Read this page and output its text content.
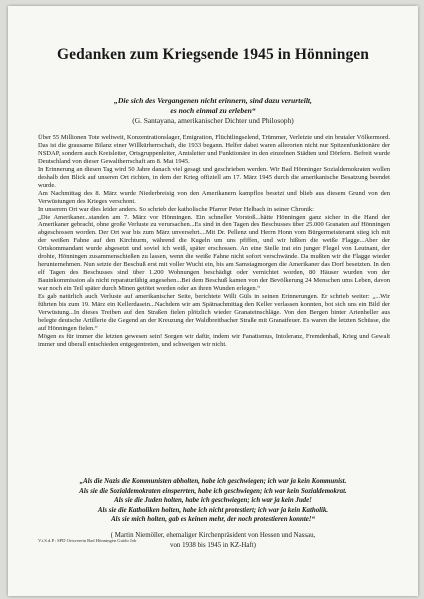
Gedanken zum Kriegsende 1945 in Hönningen
„Die sich des Vergangenen nicht erinnern, sind dazu verurteilt,
es noch einmal zu erleben“
(G. Santayana, amerikanischer Dichter und Philosoph)

Über 55 Millionen Tote weltweit, Konzentrationslager, Emigration, Flüchtlingselend, Trümmer, Verletzte und ein brutaler Völkermord. Das ist die grausame Bilanz einer Willkürherrschaft, die 1933 begann. Helfer dabei waren allerorten nicht nur Spitzenfunktionäre der NSDAP, sondern auch Kreisleiter, Ortsgruppenleiter, Amtsleiter und Funktionäre in den einzelnen Städten und Dörfern. Befreit wurde Deutschland von dieser Gewaltherrschaft am 8. Mai 1945.

In Erinnerung an diesen Tag wird 50 Jahre danach viel gesagt und geschrieben werden. Wir Bad Hönninger Sozialdemokraten wollen deshalb den Blick auf unseren Ort richten, in dem der Krieg offiziell am 17. März 1945 durch die amerikanische Besatzung beendet wurde.

Am Nachmittag des 8. März wurde Niederbreisig von den Amerikanern kampflos besetzt und blieb aus diesem Grund von den Verwüstungen des Krieges verschont.

In unserem Ort war dies leider anders. So schrieb der katholische Pfarrer Peter Helbach in seiner Chronik:

„Die Amerikaner...standen am 7. März vor Hönningen. Ein schneller Vorstoß...hätte Hönningen ganz sicher in die Hand der Amerikaner gebracht, ohne große Verluste zu verursachen...Es sind in den Tagen des Beschusses über 25.000 Granaten auf Hönningen abgeschossen worden. Der Ort war bis zum März unversehrt....Mit Dr. Pellenz und Herrn Honn vom Bürgermeisteramt stieg ich mit der weißen Fahne auf den Kirchturm, während die Kugeln um uns pfiffen, und wir hißten die weiße Flagge...Aber der Ortskommandant wurde abgesetzt und soviel ich weiß, später erschossen. An eine Stelle trat ein junger Flegel von Leutnant, der drohte, Hönningen zusammenschießen zu lassen, wenn die weiße Fahne nicht sofort verschwände. Da mußten wir die Flagge wieder herunternehmen. Nun setzte der Beschuß erst mit voller Wucht ein, bis am Samstagmorgen die Amerikaner das Dorf besetzten. In den elf Tagen des Beschusses sind über 1.200 Wohnungen beschädigt oder vernichtet worden, 80 Häuser wurden von der Bauinkommission als nicht reparaturfähig angesehen...Bei dem Beschuß kamen von der Bevölkerung 24 Menschen ums Leben, davon war noch ein Teil später durch Minen getötet worden oder an ihren Wunden erlegen.“

Es gab natürlich auch Verluste auf amerikanischer Seite, berichtete Willi Güls in seinen Erinnerungen. Er schrieb weiter: „...Wir führten bis zum 19. März ein Kellerdasein...Nachdem wir am Spätnachmittag den Keller verlassen konnten, bot sich uns ein Bild der Verwüstung...In dieses Treiben auf den Straßen fielen plötzlich wieder Granateinschläge. Von den Bergen hinter Arienheller aus belegte deutsche Artillerie die Gegend an der Kreuzung der Waldbreitbacher Straße mit Granatfeuer. Es waren die letzten Schüsse, die auf Hönningen fielen.“

Mögen es für immer die letzten gewesen sein! Sorgen wir dafür, indem wir Fanatismus, Intoleranz, Fremdenhaß, Krieg und Gewalt immer und überall entschieden entgegentreten, und schweigen wir nicht.

„Als die Nazis die Kommunisten abholten, habe ich geschwiegen; ich war ja kein Kommunist.

Als sie die Sozialdemokraten einsperrten, habe ich geschwiegen; ich war kein Sozialdemokrat.

Als sie die Juden holten, habe ich geschwiegen; ich war ja kein Jude!

Als sie die Katholiken holten, habe ich nicht protestiert; ich war ja kein Katholik.

Als sie mich holten, gab es keinen mehr, der noch protestieren konnte!“

( Martin Niemöller, ehemaliger Kirchenpräsident von Hessen und Nassau,
von 1938 bis 1945 in KZ-Haft)
V.i.S.d.P.: SPD Ortsverein Bad Hönningen Guido Job
